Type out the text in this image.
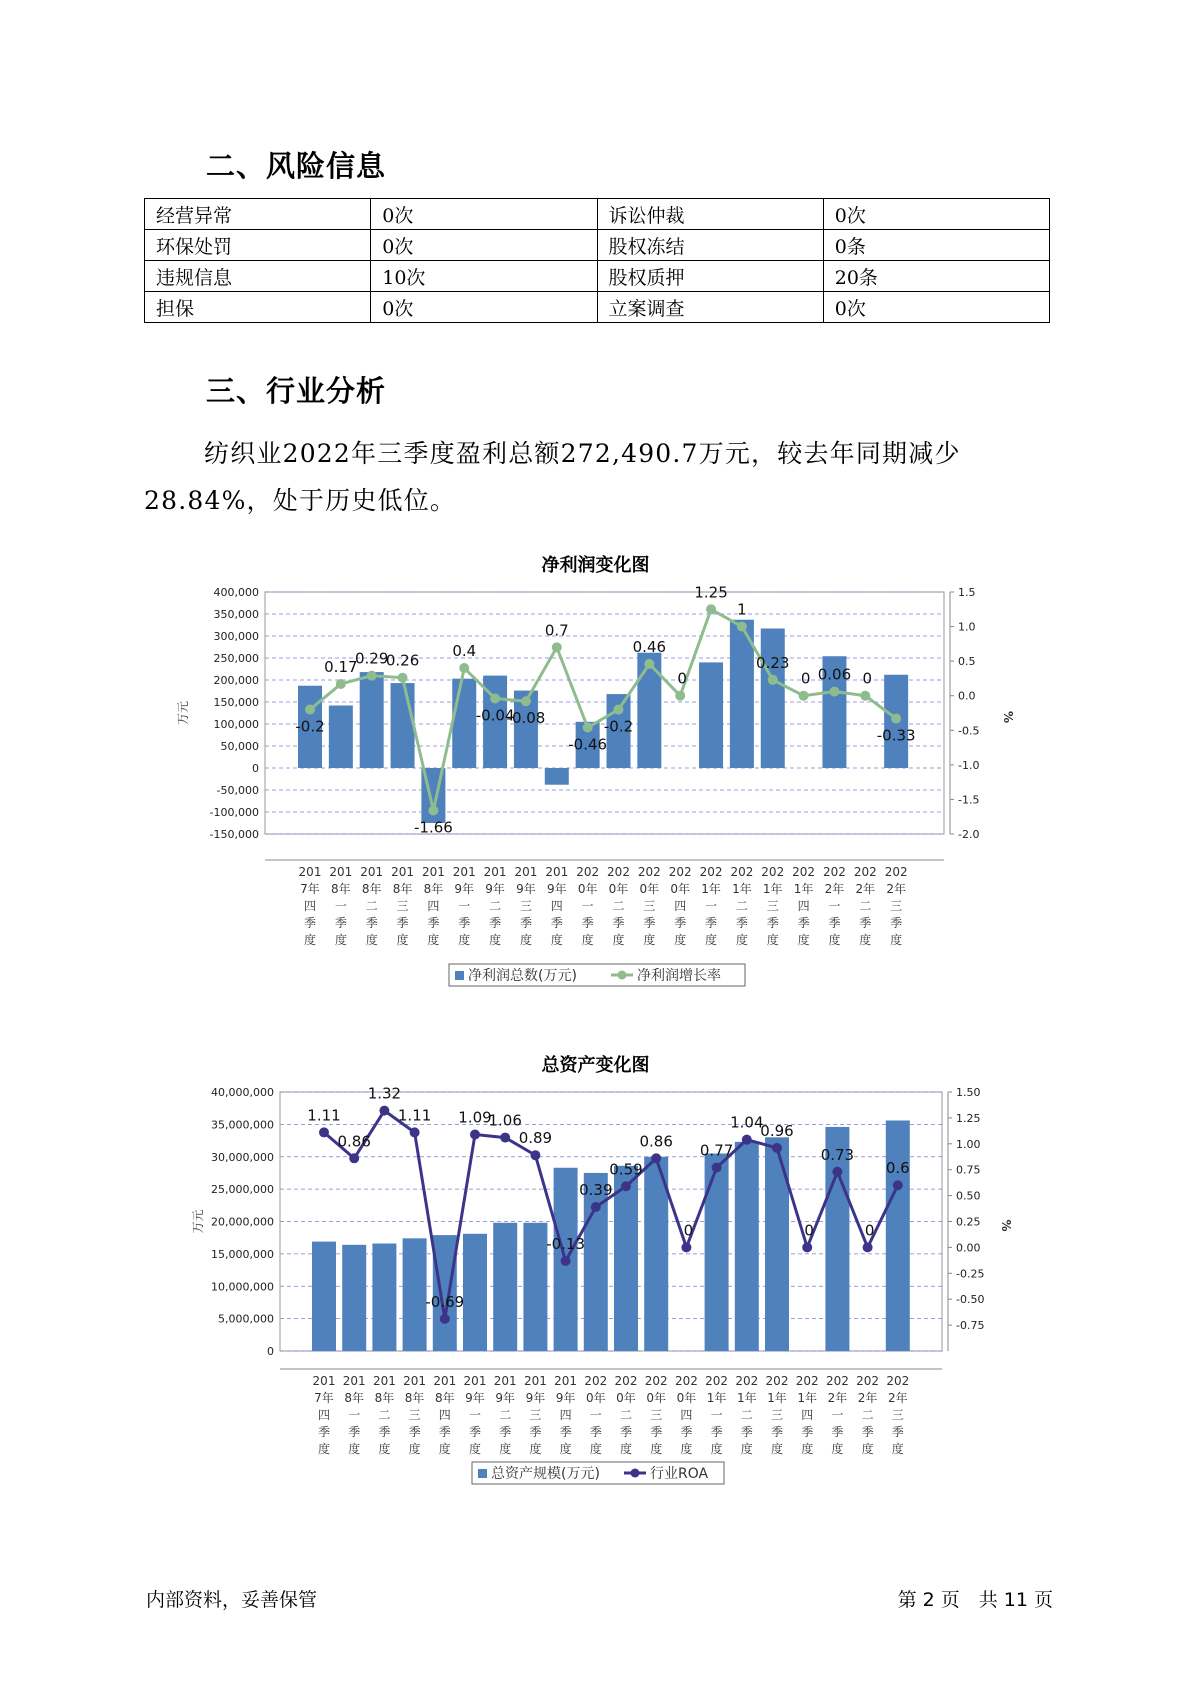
二、风险信息
经营异常	0次	诉讼仲裁	0次
环保处罚	0次	股权冻结	0条
违规信息	10次	股权质押	20条
担保	0次	立案调查	0次
三、行业分析
纺织业2022年三季度盈利总额272,490.7万元，较去年同期减少
28.84%，处于历史低位。
净利润变化图
-150,000
-100,000
-50,000
0
50,000
100,000
150,000
200,000
250,000
300,000
350,000
400,000
-2.0
-1.5
-1.0
-0.5
0.0
0.5
1.0
1.5
万元	%
-0.2
0.17
0.29
0.26
-1.66
0.4
-0.04
-0.08
0.7
-0.46
-0.2
0.46
0
1.25
1
0.23
0 0.06 0
-0.33
201 7年四季度
201 8年一季度
201 8年二季度
201 8年三季度
201 8年四季度
201 9年一季度
201 9年二季度
201 9年三季度
201 9年四季度
202 0年一季度
202 0年二季度
202 0年三季度
202 0年四季度
202 1年一季度
202 1年二季度
202 1年三季度
202 1年四季度
202 2年一季度
202 2年二季度
202 2年三季度
净利润总数(万元)	净利润增长率
总资产变化图
0
5,000,000
10,000,000
15,000,000
20,000,000
25,000,000
30,000,000
35,000,000
40,000,000
-0.75
-0.50
-0.25
0.00
0.25
0.50
0.75
1.00
1.25
1.50
万元	%
1.11
0.86
1.32
1.11
-0.69
1.09
1.06
0.89
-0.13
0.39
0.59
0.86
0
0.77
1.04
0.96
0
0.73
0
0.6
201 7年四季度
201 8年一季度
201 8年二季度
201 8年三季度
201 8年四季度
201 9年一季度
201 9年二季度
201 9年三季度
201 9年四季度
202 0年一季度
202 0年二季度
202 0年三季度
202 0年四季度
202 1年一季度
202 1年二季度
202 1年三季度
202 1年四季度
202 2年一季度
202 2年二季度
202 2年三季度
总资产规模(万元)	行业ROA
内部资料，妥善保管	第 2 页　共 11 页
